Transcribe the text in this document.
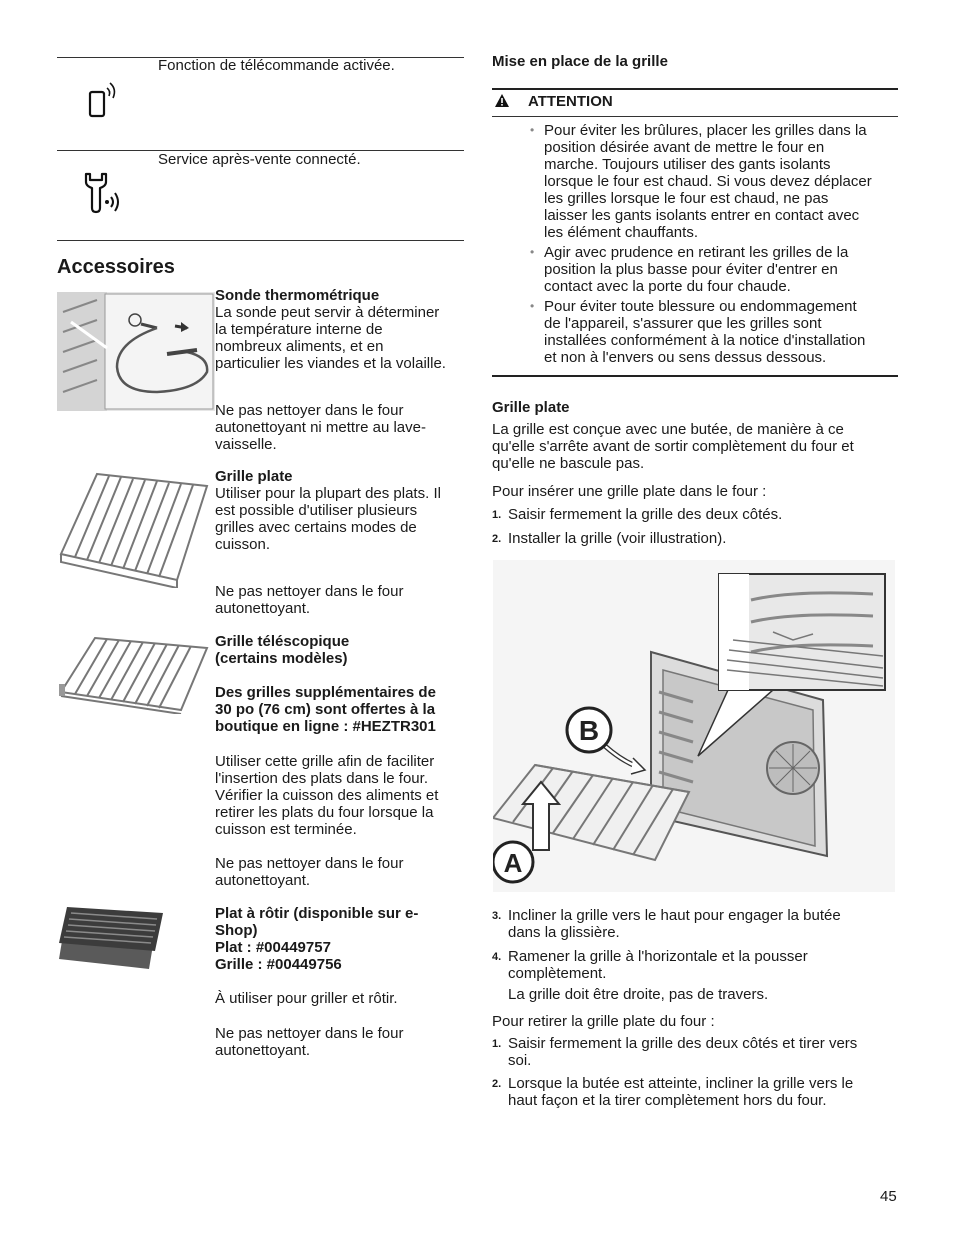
Fonction de télécommande activée.
Service après-vente connecté.
Accessoires
Sonde thermométrique
La sonde peut servir à déterminer
la température interne de
nombreux aliments, et en
particulier les viandes et la volaille.
Ne pas nettoyer dans le four
autonettoyant ni mettre au lave-
vaisselle.
Grille plate
Utiliser pour la plupart des plats. Il
est possible d'utiliser plusieurs
grilles avec certains modes de
cuisson.
Ne pas nettoyer dans le four
autonettoyant.
Grille téléscopique
(certains modèles)
Des grilles supplémentaires de
30 po (76 cm) sont offertes à la
boutique en ligne : #HEZTR301
Utiliser cette grille afin de faciliter
l'insertion des plats dans le four.
Vérifier la cuisson des aliments et
retirer les plats du four lorsque la
cuisson est terminée.
Ne pas nettoyer dans le four
autonettoyant.
Plat à rôtir (disponible sur e-
Shop)
Plat : #00449757
Grille : #00449756
À utiliser pour griller et rôtir.
Ne pas nettoyer dans le four
autonettoyant.
Mise en place de la grille
ATTENTION
• Pour éviter les brûlures, placer les grilles dans la
position désirée avant de mettre le four en
marche. Toujours utiliser des gants isolants
lorsque le four est chaud. Si vous devez déplacer
les grilles lorsque le four est chaud, ne pas
laisser les gants isolants entrer en contact avec
les élément chauffants.
• Agir avec prudence en retirant les grilles de la
position la plus basse pour éviter d'entrer en
contact avec la porte du four chaude.
• Pour éviter toute blessure ou endommagement
de l'appareil, s'assurer que les grilles sont
installées conformément à la notice d'installation
et non à l'envers ou sens dessus dessous.
Grille plate
La grille est conçue avec une butée, de manière à ce
qu'elle s'arrête avant de sortir complètement du four et
qu'elle ne bascule pas.
Pour insérer une grille plate dans le four :
1. Saisir fermement la grille des deux côtés.
2. Installer la grille (voir illustration).
B
A
3. Incliner la grille vers le haut pour engager la butée
dans la glissière.
4. Ramener la grille à l'horizontale et la pousser
complètement.
La grille doit être droite, pas de travers.
Pour retirer la grille plate du four :
1. Saisir fermement la grille des deux côtés et tirer vers
soi.
2. Lorsque la butée est atteinte, incliner la grille vers le
haut façon et la tirer complètement hors du four.
45
